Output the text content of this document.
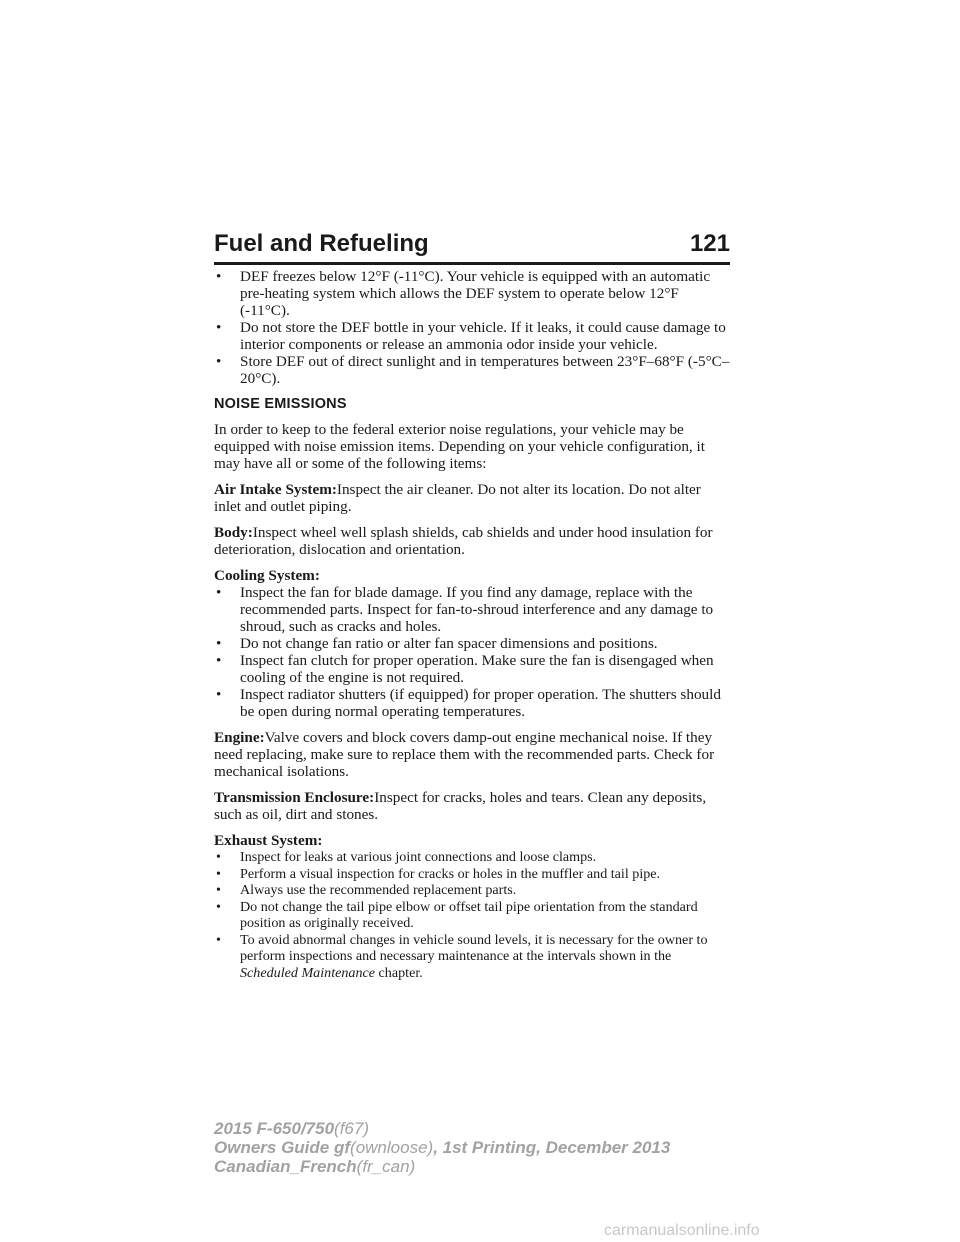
Fuel and Refueling	121
• DEF freezes below 12°F (-11°C). Your vehicle is equipped with an automatic pre-heating system which allows the DEF system to operate below 12°F (-11°C).
• Do not store the DEF bottle in your vehicle. If it leaks, it could cause damage to interior components or release an ammonia odor inside your vehicle.
• Store DEF out of direct sunlight and in temperatures between 23°F–68°F (-5°C–20°C).
NOISE EMISSIONS

In order to keep to the federal exterior noise regulations, your vehicle may be equipped with noise emission items. Depending on your vehicle configuration, it may have all or some of the following items:

Air Intake System:Inspect the air cleaner. Do not alter its location. Do not alter inlet and outlet piping.

Body:Inspect wheel well splash shields, cab shields and under hood insulation for deterioration, dislocation and orientation.

Cooling System:

• Inspect the fan for blade damage. If you find any damage, replace with the recommended parts. Inspect for fan-to-shroud interference and any damage to shroud, such as cracks and holes.
• Do not change fan ratio or alter fan spacer dimensions and positions.
• Inspect fan clutch for proper operation. Make sure the fan is disengaged when cooling of the engine is not required.
• Inspect radiator shutters (if equipped) for proper operation. The shutters should be open during normal operating temperatures.

Engine:Valve covers and block covers damp-out engine mechanical noise. If they need replacing, make sure to replace them with the recommended parts. Check for mechanical isolations.

Transmission Enclosure:Inspect for cracks, holes and tears. Clean any deposits, such as oil, dirt and stones.

Exhaust System:

• Inspect for leaks at various joint connections and loose clamps.
• Perform a visual inspection for cracks or holes in the muffler and tail pipe.
• Always use the recommended replacement parts.
• Do not change the tail pipe elbow or offset tail pipe orientation from the standard position as originally received.
• To avoid abnormal changes in vehicle sound levels, it is necessary for the owner to perform inspections and necessary maintenance at the intervals shown in the Scheduled Maintenance chapter.
2015 F-650/750(f67)
Owners Guide gf(ownloose), 1st Printing, December 2013
Canadian_French(fr_can)
carmanualsonline.info
